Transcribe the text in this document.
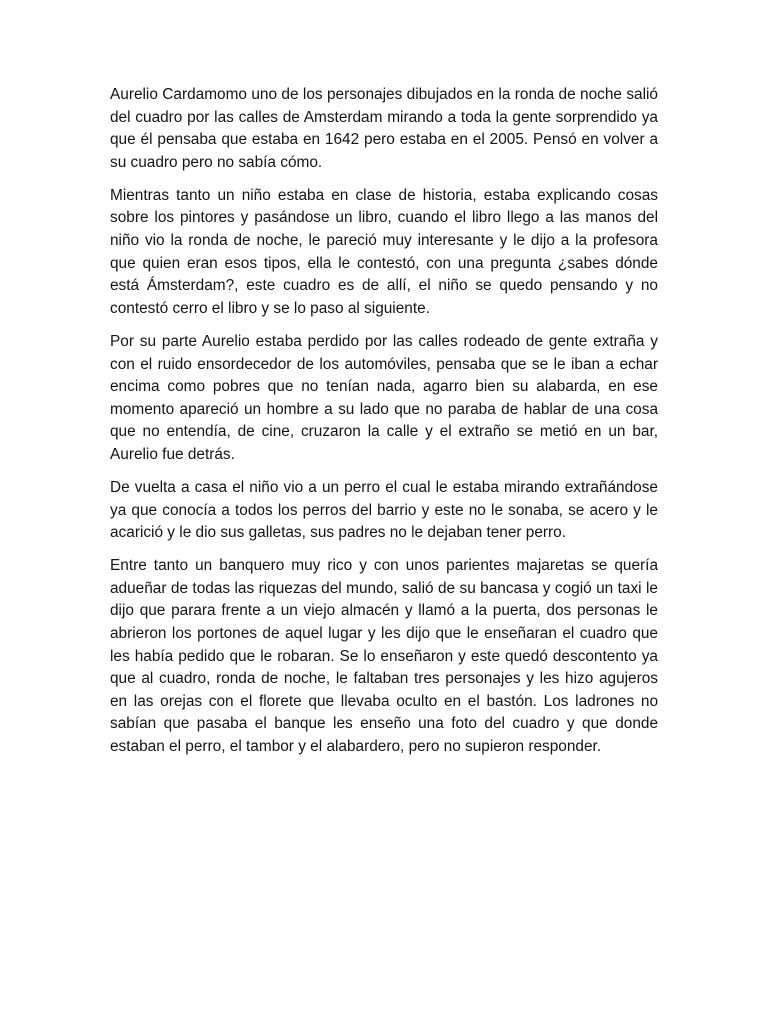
Aurelio Cardamomo uno de los personajes dibujados en la ronda de noche salió del cuadro por las calles de Amsterdam mirando a toda la gente sorprendido ya que él pensaba que estaba en 1642 pero estaba en el 2005. Pensó en volver a su cuadro pero no sabía cómo.

Mientras tanto un niño estaba en clase de historia, estaba explicando cosas sobre los pintores y pasándose un libro, cuando el libro llego a las manos del niño vio la ronda de noche, le pareció muy interesante y le dijo a la profesora que quien eran esos tipos, ella le contestó, con una pregunta ¿sabes dónde está Ámsterdam?, este cuadro es de allí, el niño se quedo pensando y no contestó cerro el libro y se lo paso al siguiente.

Por su parte Aurelio estaba perdido por las calles rodeado de gente extraña y con el ruido ensordecedor de los automóviles, pensaba que se le iban a echar encima como pobres que no tenían nada, agarro bien su alabarda, en ese momento apareció un hombre a su lado que no paraba de hablar de una cosa que no entendía, de cine, cruzaron la calle y el extraño se metió en un bar, Aurelio fue detrás.

De vuelta a casa el niño vio a un perro el cual le estaba mirando extrañándose ya que conocía a todos los perros del barrio y este no le sonaba, se acero y le acarició y le dio sus galletas, sus padres no le dejaban tener perro.

Entre tanto un banquero muy rico y con unos parientes majaretas se quería adueñar de todas las riquezas del mundo, salió de su bancasa y cogió un taxi le dijo que parara frente a un viejo almacén y llamó a la puerta, dos personas le abrieron los portones de aquel lugar y les dijo que le enseñaran el cuadro que les había pedido que le robaran. Se lo enseñaron y este quedó descontento ya que al cuadro, ronda de noche, le faltaban tres personajes y les hizo agujeros en las orejas con el florete que llevaba oculto en el bastón. Los ladrones no sabían que pasaba el banque les enseño una foto del cuadro y que donde estaban el perro, el tambor y el alabardero, pero no supieron responder.
